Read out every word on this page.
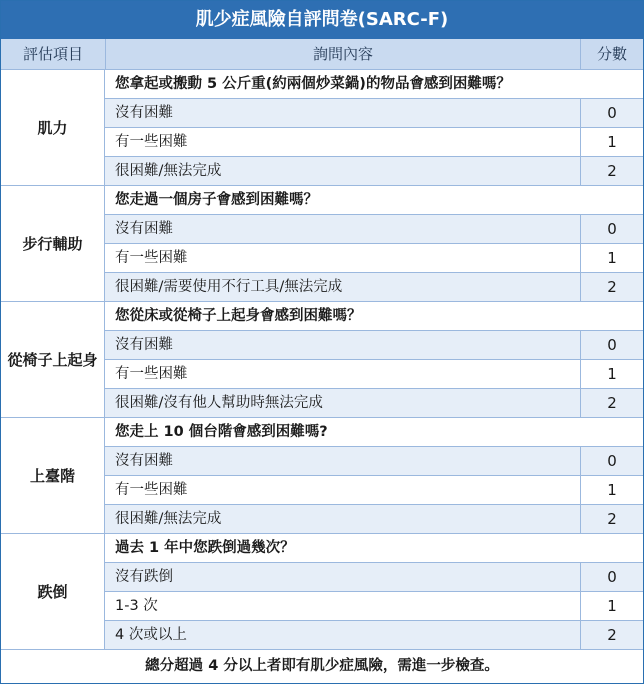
肌少症風險自評問卷(SARC-F)
評估項目	詢問內容	分數
肌力
您拿起或搬動 5 公斤重(約兩個炒菜鍋)的物品會感到困難嗎？
沒有困難	0
有一些困難	1
很困難/無法完成	2
步行輔助
您走過一個房子會感到困難嗎？
沒有困難	0
有一些困難	1
很困難/需要使用不行工具/無法完成	2
從椅子上起身
您從床或從椅子上起身會感到困難嗎？
沒有困難	0
有一些困難	1
很困難/沒有他人幫助時無法完成	2
上臺階
您走上 10 個台階會感到困難嗎?
沒有困難	0
有一些困難	1
很困難/無法完成	2
跌倒
過去 1 年中您跌倒過幾次？
沒有跌倒	0
1-3 次	1
4 次或以上	2
總分超過 4 分以上者即有肌少症風險，需進一步檢查。
